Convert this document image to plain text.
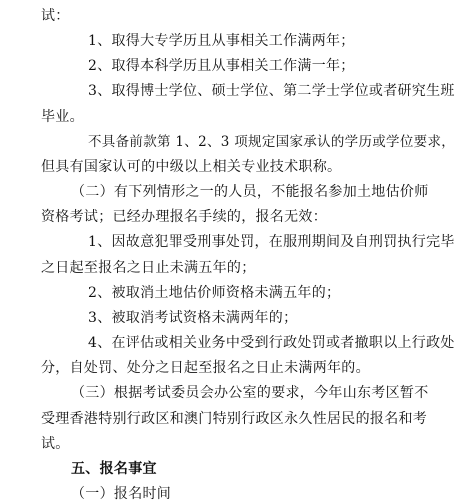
试：
1、取得大专学历且从事相关工作满两年；
2、取得本科学历且从事相关工作满一年；
3、取得博士学位、硕士学位、第二学士学位或者研究生班
毕业。
不具备前款第 1、2、3 项规定国家承认的学历或学位要求，
但具有国家认可的中级以上相关专业技术职称。
（二）有下列情形之一的人员，不能报名参加土地估价师
资格考试；已经办理报名手续的，报名无效：
1、因故意犯罪受刑事处罚，在服刑期间及自刑罚执行完毕
之日起至报名之日止未满五年的；
2、被取消土地估价师资格未满五年的；
3、被取消考试资格未满两年的；
4、在评估或相关业务中受到行政处罚或者撤职以上行政处
分，自处罚、处分之日起至报名之日止未满两年的。
（三）根据考试委员会办公室的要求，今年山东考区暂不
受理香港特别行政区和澳门特别行政区永久性居民的报名和考
试。
五、报名事宜
（一）报名时间
